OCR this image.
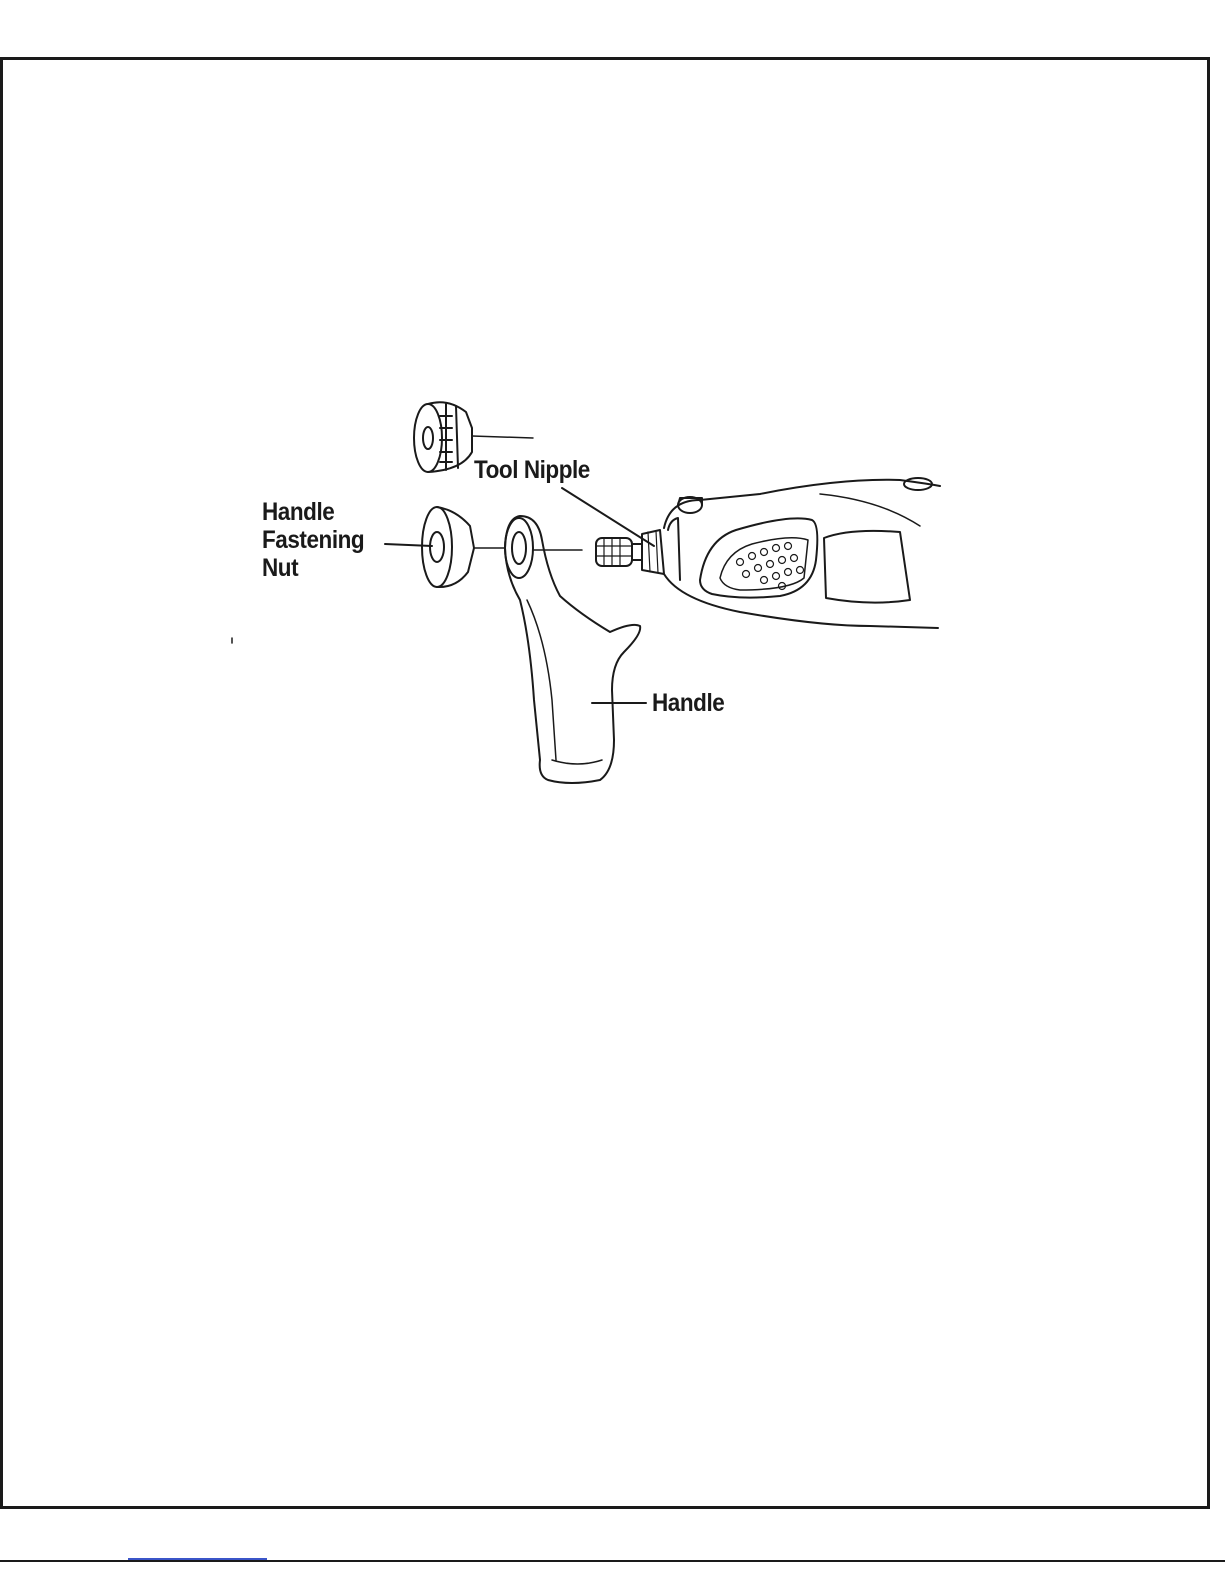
Handle
Fastening
Nut
Tool Nipple
Handle
